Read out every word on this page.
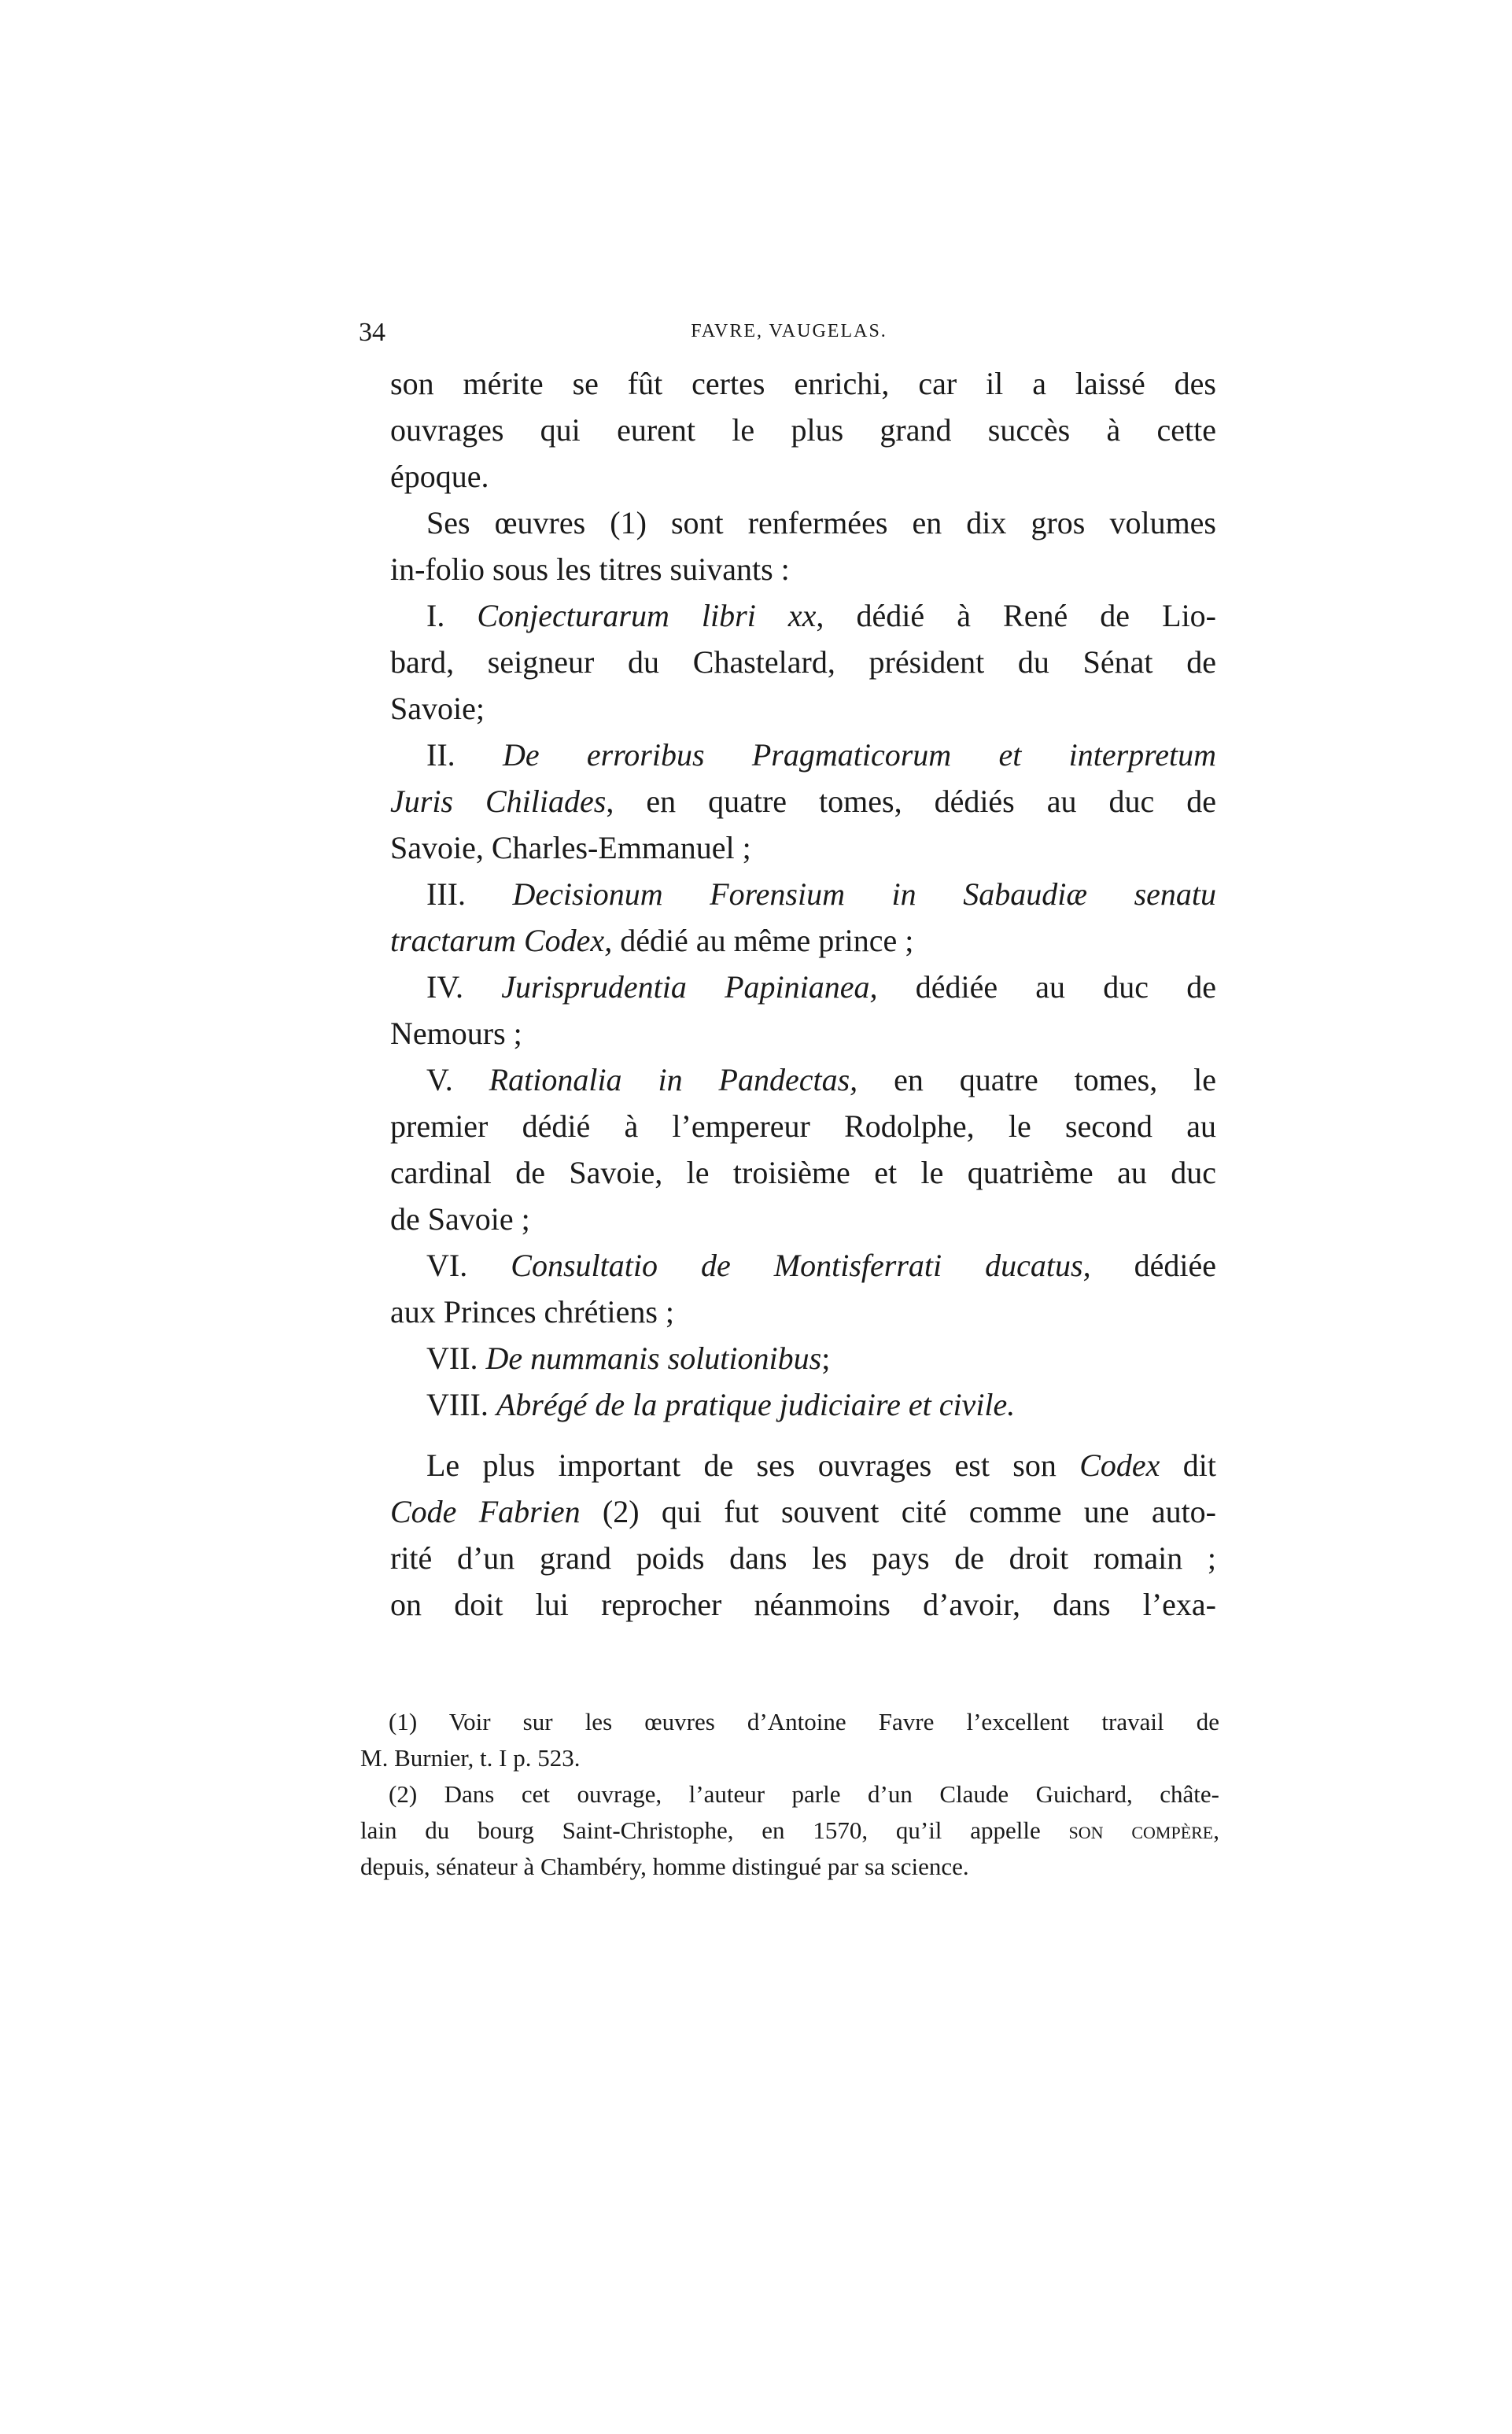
34	FAVRE, VAUGELAS.
son mérite se fût certes enrichi, car il a laissé des
ouvrages qui eurent le plus grand succès à cette
époque.
Ses œuvres (1) sont renfermées en dix gros volumes
in-folio sous les titres suivants :
I. Conjecturarum libri xx, dédié à René de Lio-
bard, seigneur du Chastelard, président du Sénat de
Savoie;
II. De erroribus Pragmaticorum et interpretum
Juris Chiliades, en quatre tomes, dédiés au duc de
Savoie, Charles-Emmanuel ;
III. Decisionum Forensium in Sabaudiæ senatu
tractarum Codex, dédié au même prince ;
IV. Jurisprudentia Papinianea, dédiée au duc de
Nemours ;
V. Rationalia in Pandectas, en quatre tomes, le
premier dédié à l’empereur Rodolphe, le second au
cardinal de Savoie, le troisième et le quatrième au duc
de Savoie ;
VI. Consultatio de Montisferrati ducatus, dédiée
aux Princes chrétiens ;
VII. De nummanis solutionibus;
VIII. Abrégé de la pratique judiciaire et civile.
Le plus important de ses ouvrages est son Codex dit
Code Fabrien (2) qui fut souvent cité comme une auto-
rité d’un grand poids dans les pays de droit romain ;
on doit lui reprocher néanmoins d’avoir, dans l’exa-
(1) Voir sur les œuvres d’Antoine Favre l’excellent travail de
M. Burnier, t. I p. 523.
(2) Dans cet ouvrage, l’auteur parle d’un Claude Guichard, châte-
lain du bourg Saint-Christophe, en 1570, qu’il appelle son compère,
depuis, sénateur à Chambéry, homme distingué par sa science.
